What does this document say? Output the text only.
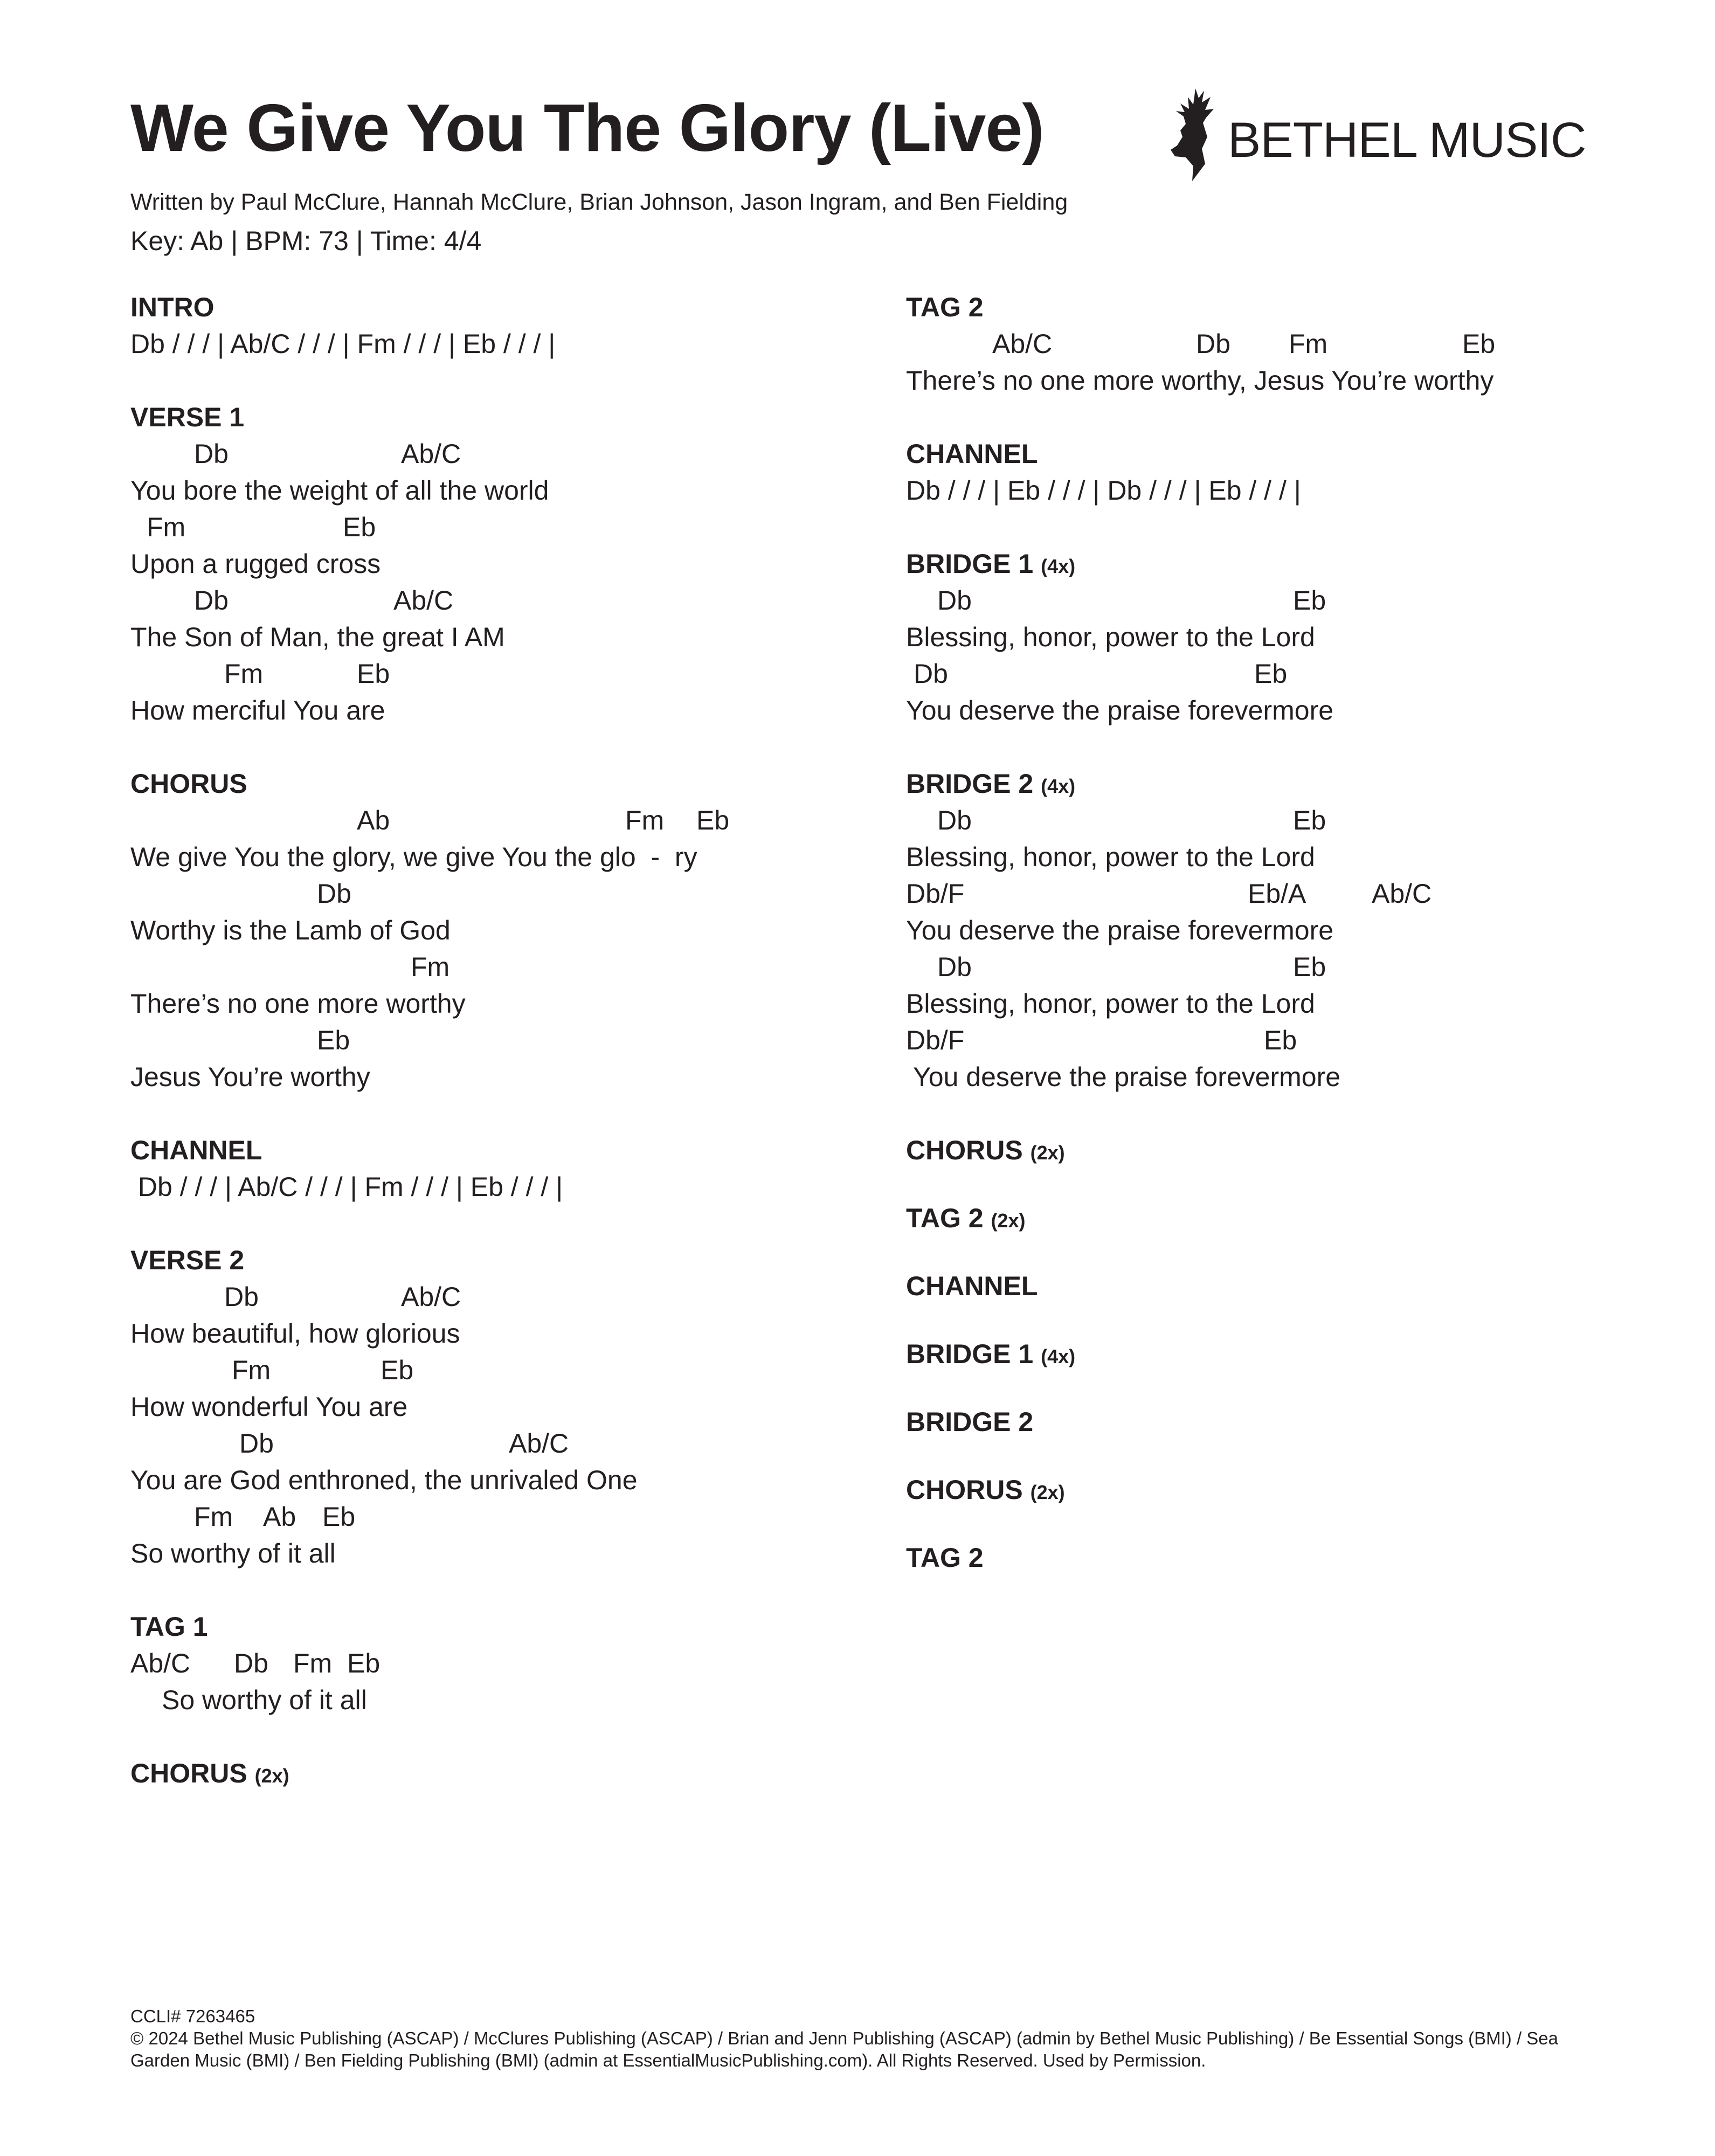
We Give You The Glory (Live)
Written by Paul McClure, Hannah McClure, Brian Johnson, Jason Ingram, and Ben Fielding
Key: Ab | BPM: 73 | Time: 4/4
BETHEL MUSIC
INTRO
Db / / / | Ab/C / / / | Fm / / / | Eb / / / |
VERSE 1
Db	Ab/C
You bore the weight of all the world
Fm	Eb
Upon a rugged cross
Db	Ab/C
The Son of Man, the great I AM
Fm	Eb
How merciful You are
CHORUS
Ab	Fm Eb
We give You the glory, we give You the glo  -  ry
Db
Worthy is the Lamb of God
Fm
There’s no one more worthy
Eb
Jesus You’re worthy
CHANNEL
Db / / / | Ab/C / / / | Fm / / / | Eb / / / |
VERSE 2
Db	Ab/C
How beautiful, how glorious
Fm	Eb
How wonderful You are
Db	Ab/C
You are God enthroned, the unrivaled One
Fm Ab Eb
So worthy of it all
TAG 1
Ab/C Db Fm Eb
So worthy of it all
CHORUS (2x)
TAG 2
Ab/C	Db Fm	Eb
There’s no one more worthy, Jesus You’re worthy
CHANNEL
Db / / / | Eb / / / | Db / / / | Eb / / / |
BRIDGE 1 (4x)
Db	Eb
Blessing, honor, power to the Lord
Db	Eb
You deserve the praise forevermore
BRIDGE 2 (4x)
Db	Eb
Blessing, honor, power to the Lord
Db/F	Eb/A Ab/C
You deserve the praise forevermore
Db	Eb
Blessing, honor, power to the Lord
Db/F	Eb
You deserve the praise forevermore
CHORUS (2x)
TAG 2 (2x)
CHANNEL
BRIDGE 1 (4x)
BRIDGE 2
CHORUS (2x)
TAG 2
CCLI# 7263465
© 2024 Bethel Music Publishing (ASCAP) / McClures Publishing (ASCAP) / Brian and Jenn Publishing (ASCAP) (admin by Bethel Music Publishing) / Be Essential Songs (BMI) / Sea Garden Music (BMI) / Ben Fielding Publishing (BMI) (admin at EssentialMusicPublishing.com). All Rights Reserved. Used by Permission.
